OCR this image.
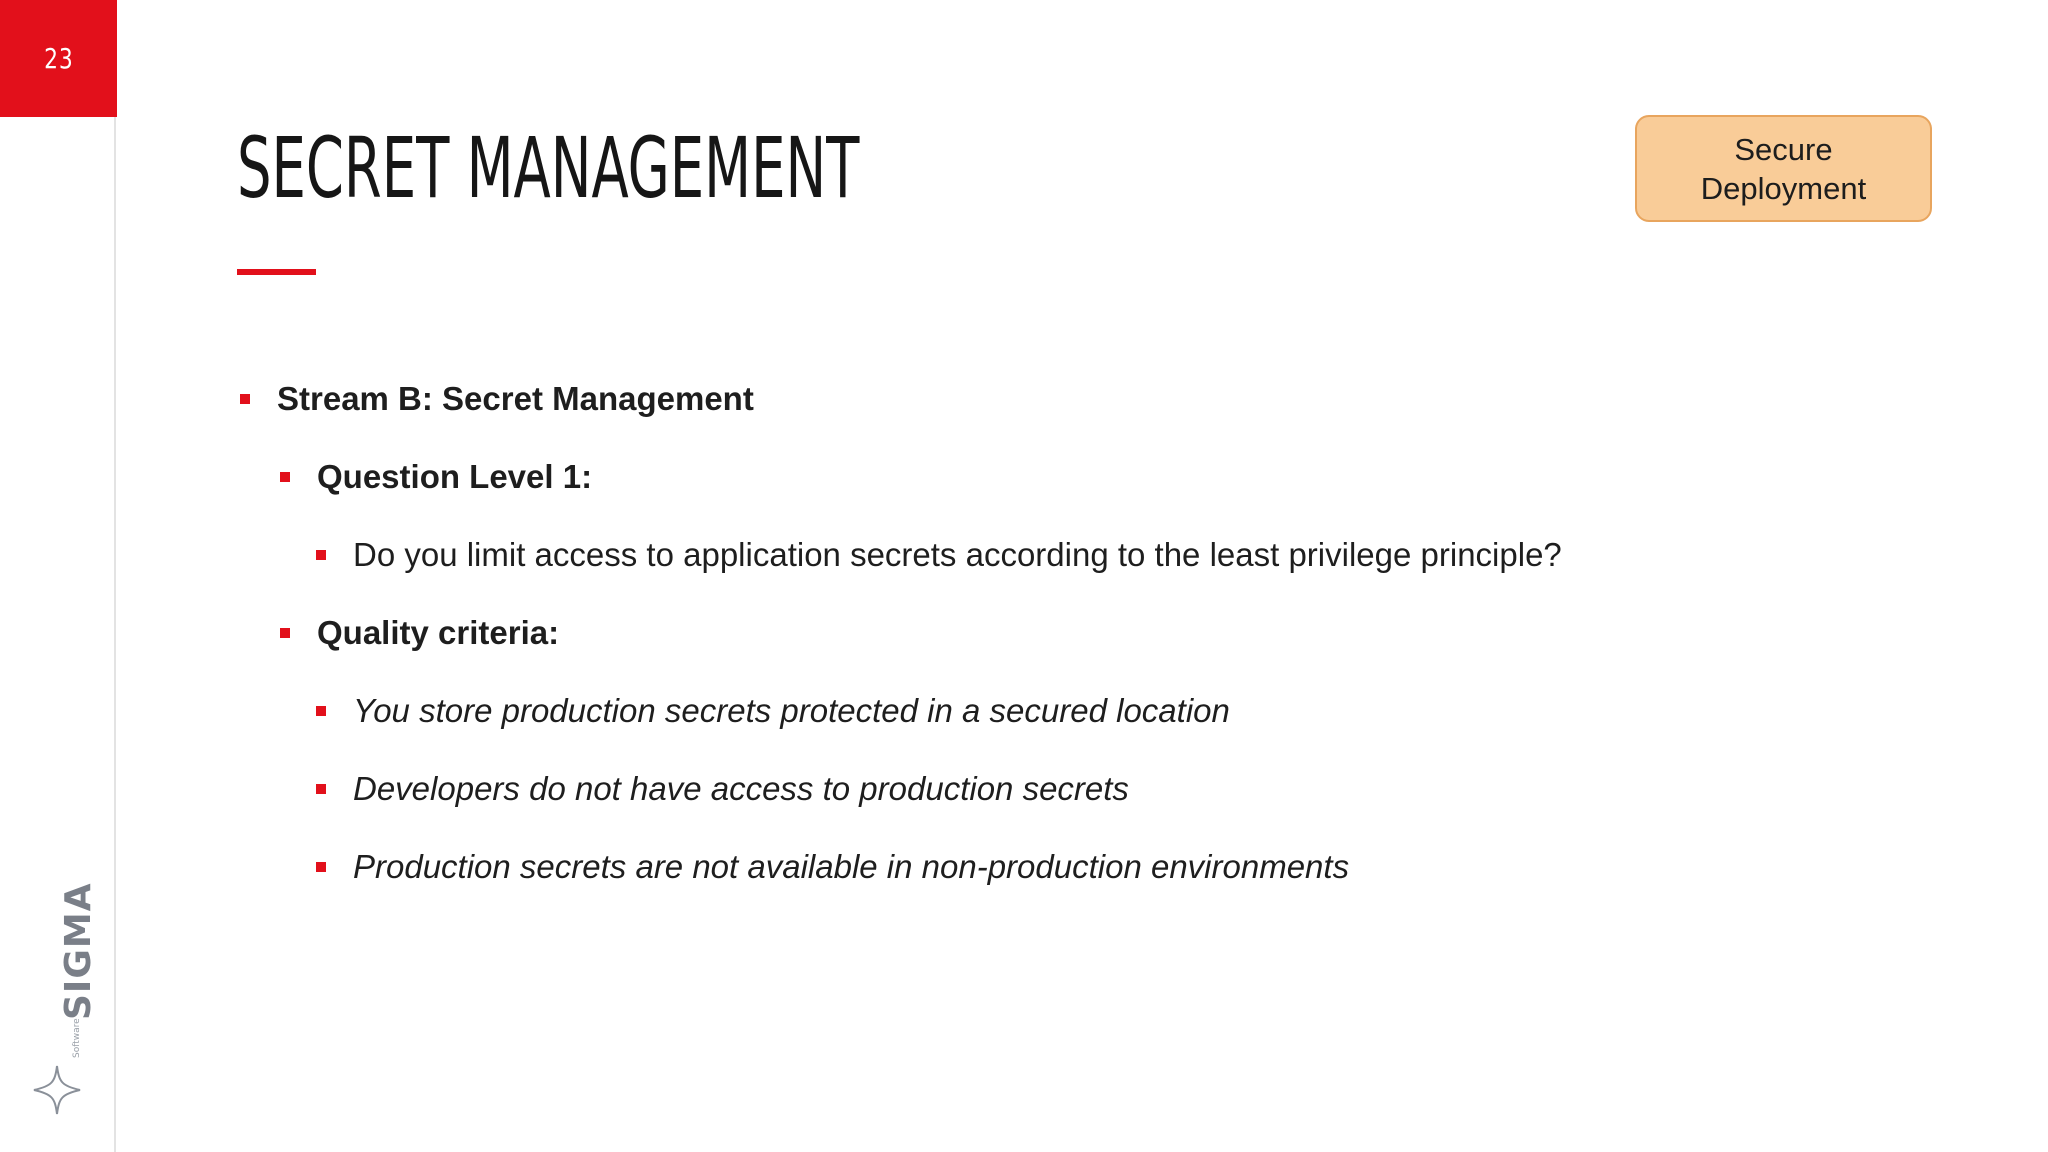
23
SIGMA
Software
SECRET MANAGEMENT	Secure Deployment
Stream B: Secret Management
Question Level 1:
Do you limit access to application secrets according to the least privilege principle?
Quality criteria:
You store production secrets protected in a secured location
Developers do not have access to production secrets
Production secrets are not available in non-production environments
